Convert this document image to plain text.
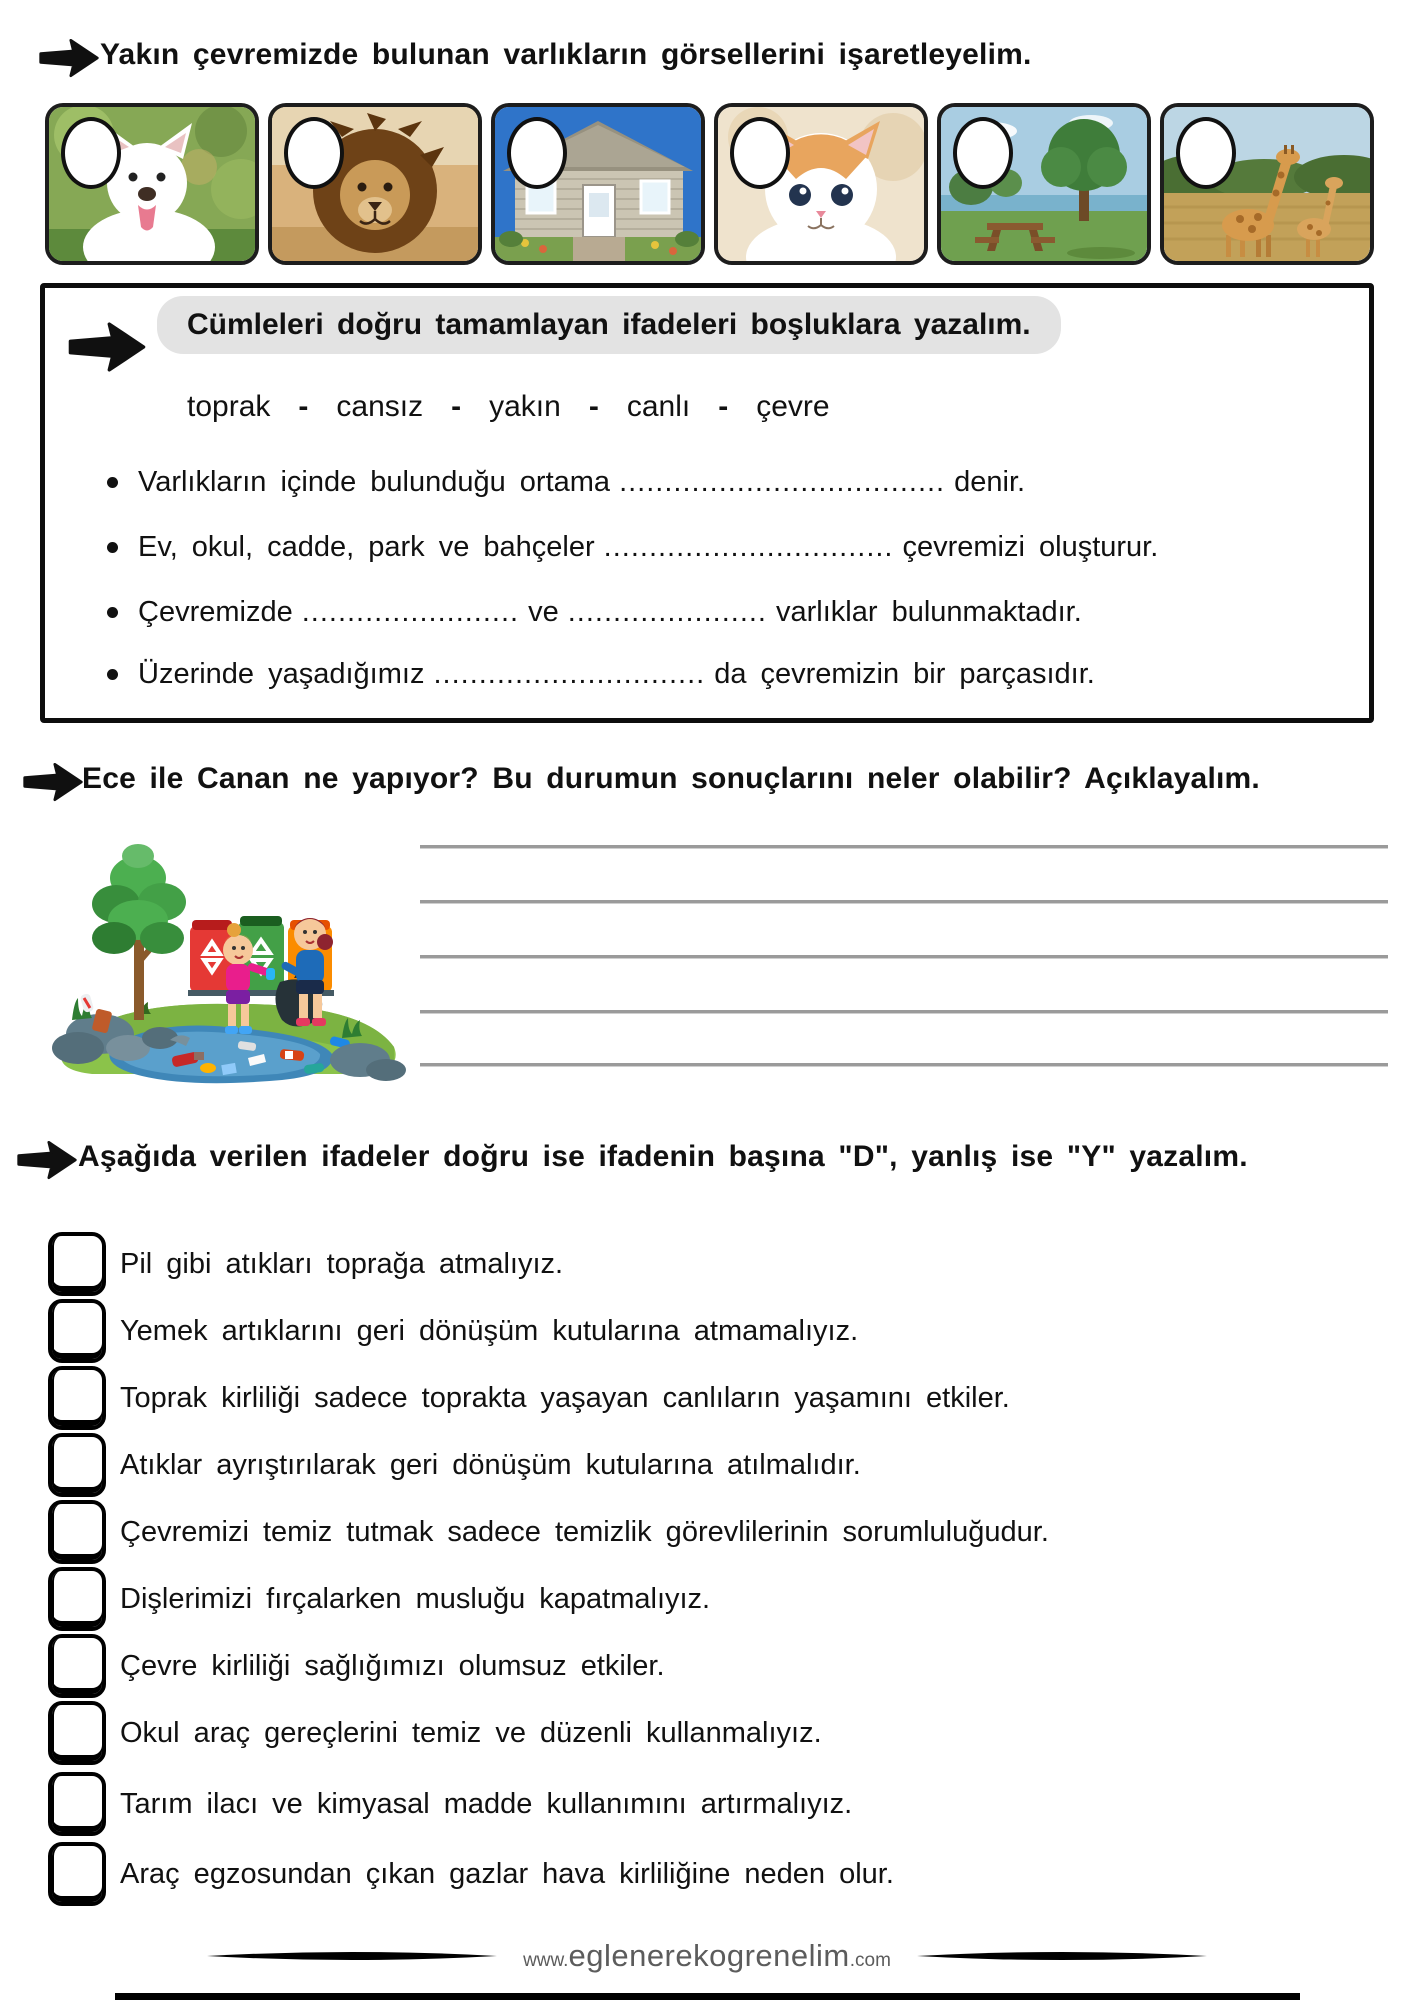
Yakın çevremizde bulunan varlıkların görsellerini işaretleyelim.
Cümleleri doğru tamamlayan ifadeleri boşluklara yazalım.
toprak - cansız - yakın - canlı - çevre
Varlıkların içinde bulunduğu ortama .................................... denir.
Ev, okul, cadde, park ve bahçeler ................................ çevremizi oluşturur.
Çevremizde ........................ ve ...................... varlıklar bulunmaktadır.
Üzerinde yaşadığımız .............................. da çevremizin bir parçasıdır.
Ece ile Canan ne yapıyor? Bu durumun sonuçlarını neler olabilir? Açıklayalım.
Aşağıda verilen ifadeler doğru ise ifadenin başına "D", yanlış ise "Y" yazalım.
Pil gibi atıkları toprağa atmalıyız.
Yemek artıklarını geri dönüşüm kutularına atmamalıyız.
Toprak kirliliği sadece toprakta yaşayan canlıların yaşamını etkiler.
Atıklar ayrıştırılarak geri dönüşüm kutularına atılmalıdır.
Çevremizi temiz tutmak sadece temizlik görevlilerinin sorumluluğudur.
Dişlerimizi fırçalarken musluğu kapatmalıyız.
Çevre kirliliği sağlığımızı olumsuz etkiler.
Okul araç gereçlerini temiz ve düzenli kullanmalıyız.
Tarım ilacı ve kimyasal madde kullanımını artırmalıyız.
Araç egzosundan çıkan gazlar hava kirliliğine neden olur.
www.eglenerekogrenelim.com
